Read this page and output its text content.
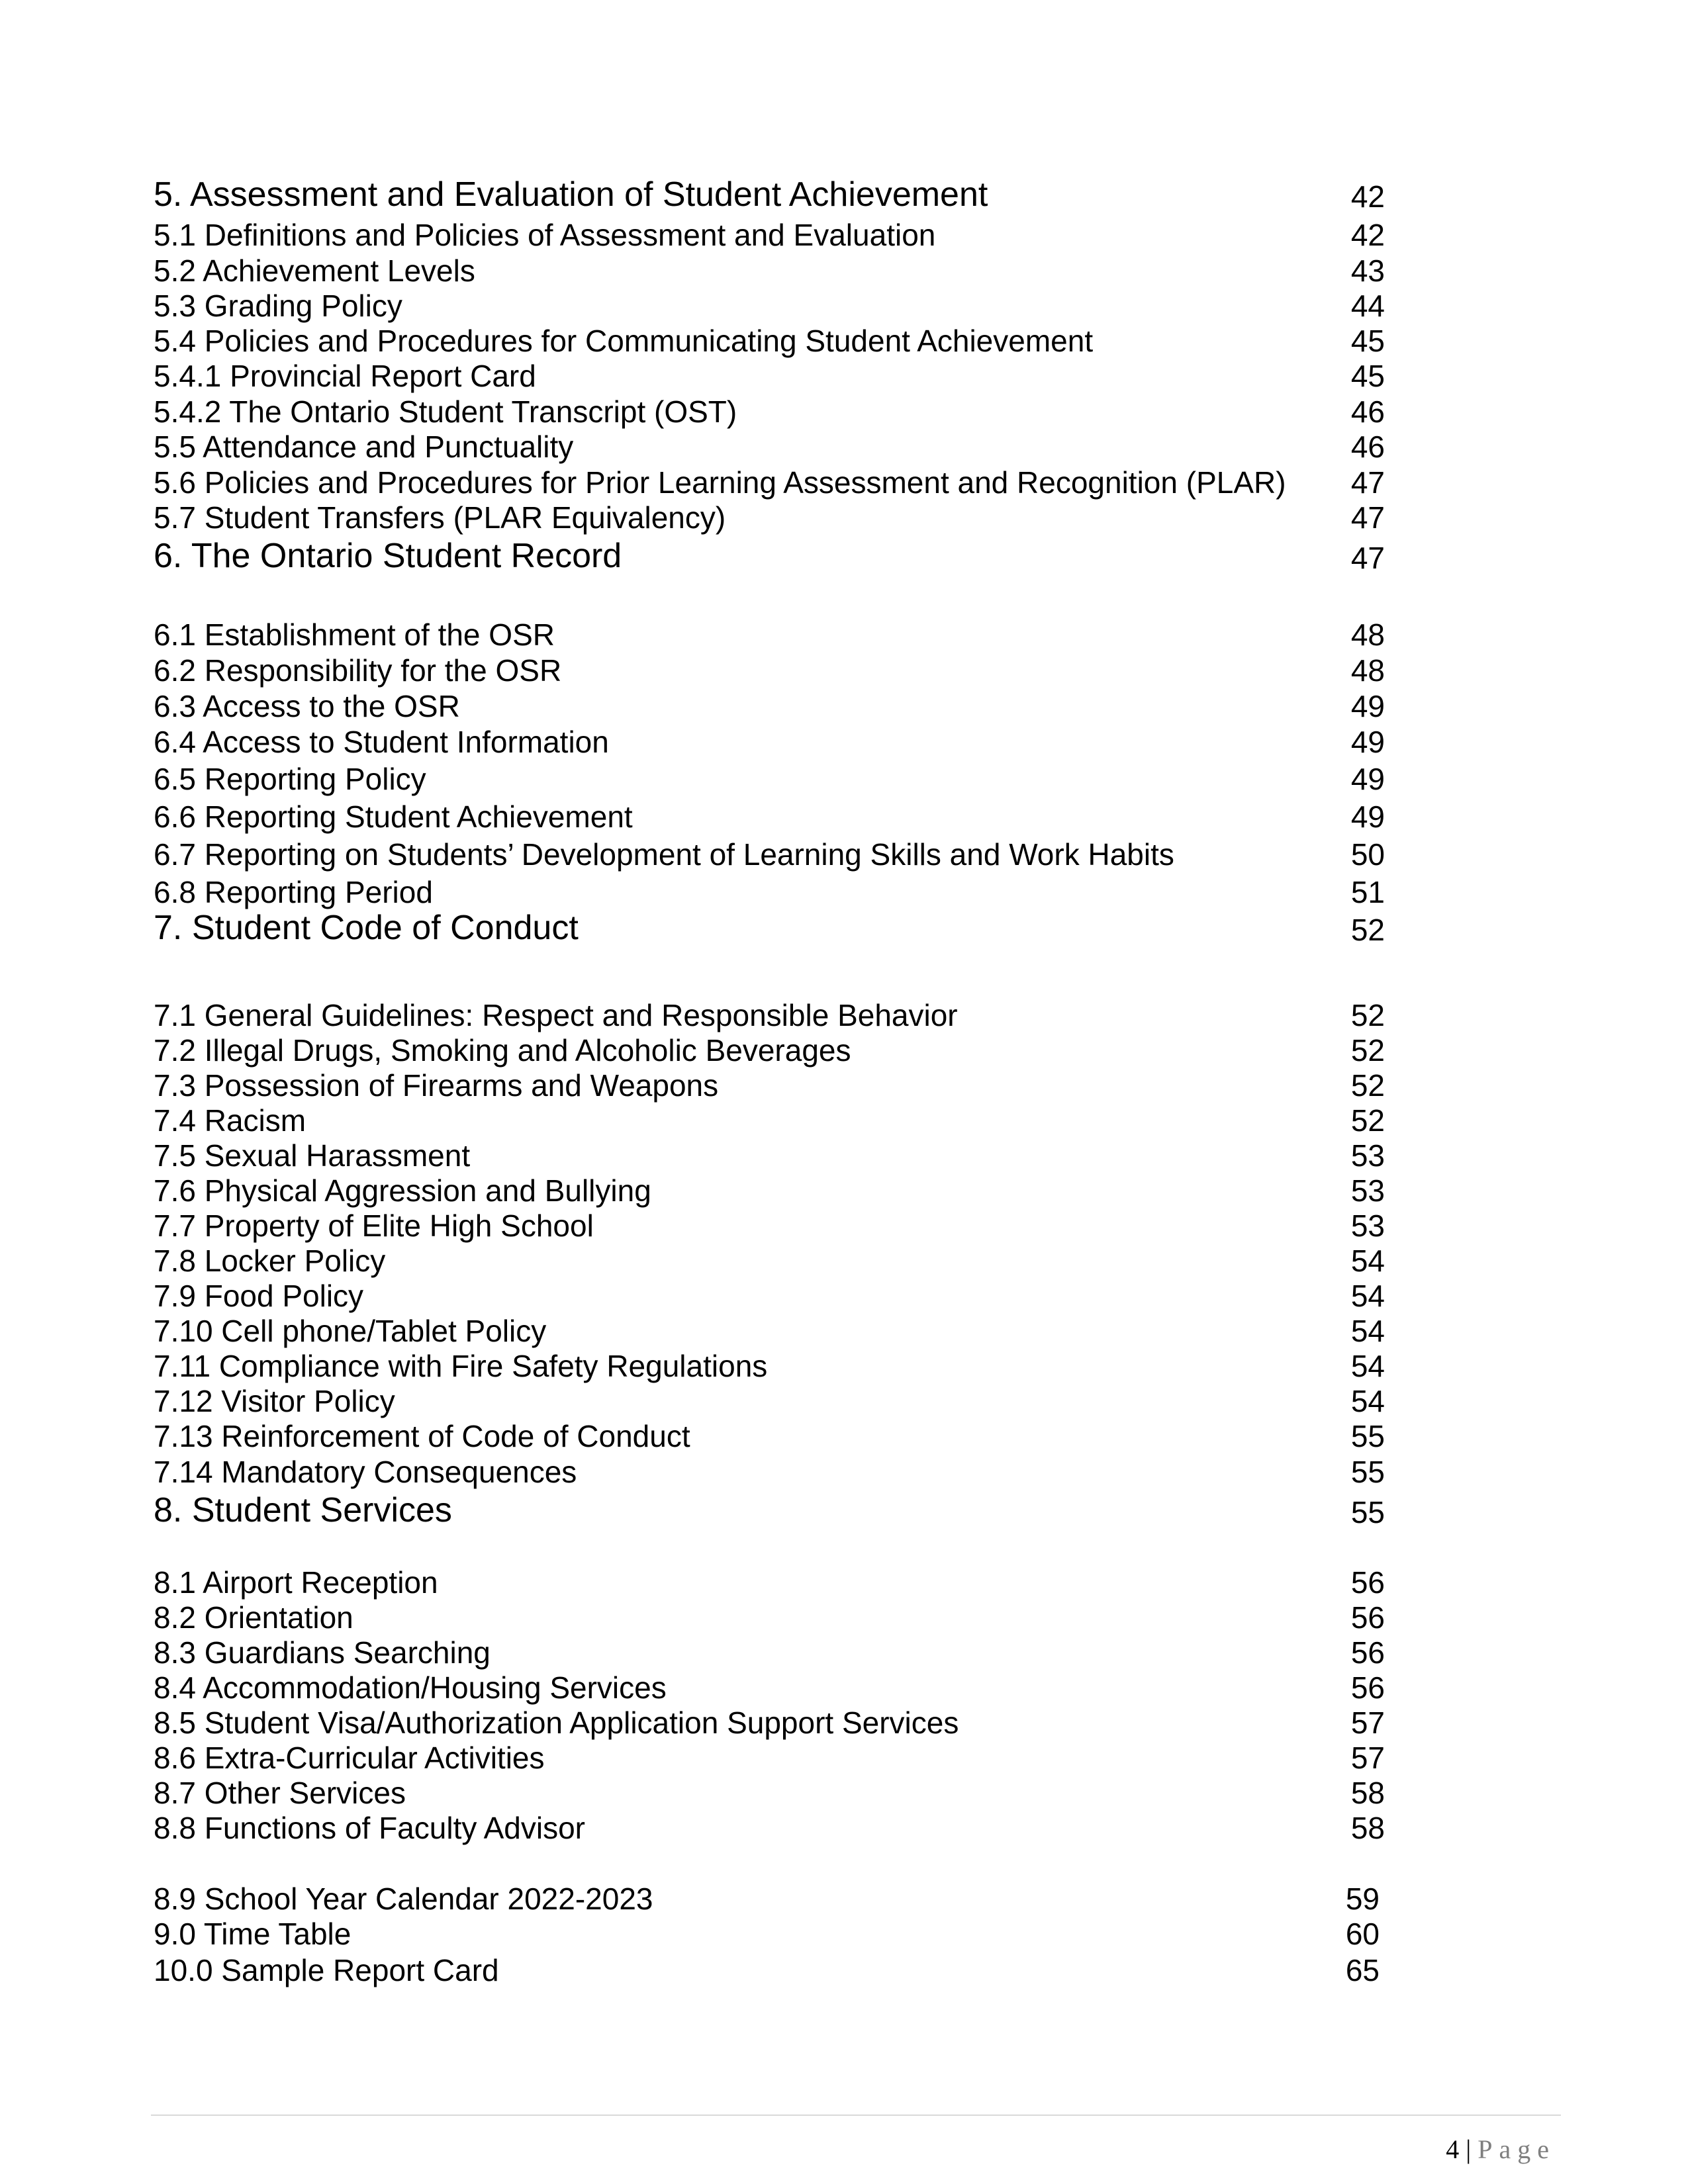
5. Assessment and Evaluation of Student Achievement	42
5.1 Definitions and Policies of Assessment and Evaluation	42
5.2 Achievement Levels	43
5.3 Grading Policy	44
5.4 Policies and Procedures for Communicating Student Achievement	45
5.4.1 Provincial Report Card	45
5.4.2 The Ontario Student Transcript (OST)	46
5.5 Attendance and Punctuality	46
5.6 Policies and Procedures for Prior Learning Assessment and Recognition (PLAR) 47
5.7 Student Transfers (PLAR Equivalency)	47
6. The Ontario Student Record	47
6.1 Establishment of the OSR	48
6.2 Responsibility for the OSR	48
6.3 Access to the OSR	49
6.4 Access to Student Information	49
6.5 Reporting Policy	49
6.6 Reporting Student Achievement	49
6.7 Reporting on Students’ Development of Learning Skills and Work Habits	50
6.8 Reporting Period	51
7. Student Code of Conduct	52
7.1 General Guidelines: Respect and Responsible Behavior	52
7.2 Illegal Drugs, Smoking and Alcoholic Beverages	52
7.3 Possession of Firearms and Weapons	52
7.4 Racism	52
7.5 Sexual Harassment	53
7.6 Physical Aggression and Bullying	53
7.7 Property of Elite High School	53
7.8 Locker Policy	54
7.9 Food Policy	54
7.10 Cell phone/Tablet Policy	54
7.11 Compliance with Fire Safety Regulations	54
7.12 Visitor Policy	54
7.13 Reinforcement of Code of Conduct	55
7.14 Mandatory Consequences	55
8. Student Services	55
8.1 Airport Reception	56
8.2 Orientation	56
8.3 Guardians Searching	56
8.4 Accommodation/Housing Services	56
8.5 Student Visa/Authorization Application Support Services	57
8.6 Extra-Curricular Activities	57
8.7 Other Services	58
8.8 Functions of Faculty Advisor	58
8.9 School Year Calendar 2022-2023	59
9.0 Time Table	60
10.0 Sample Report Card	65
4 | Page
